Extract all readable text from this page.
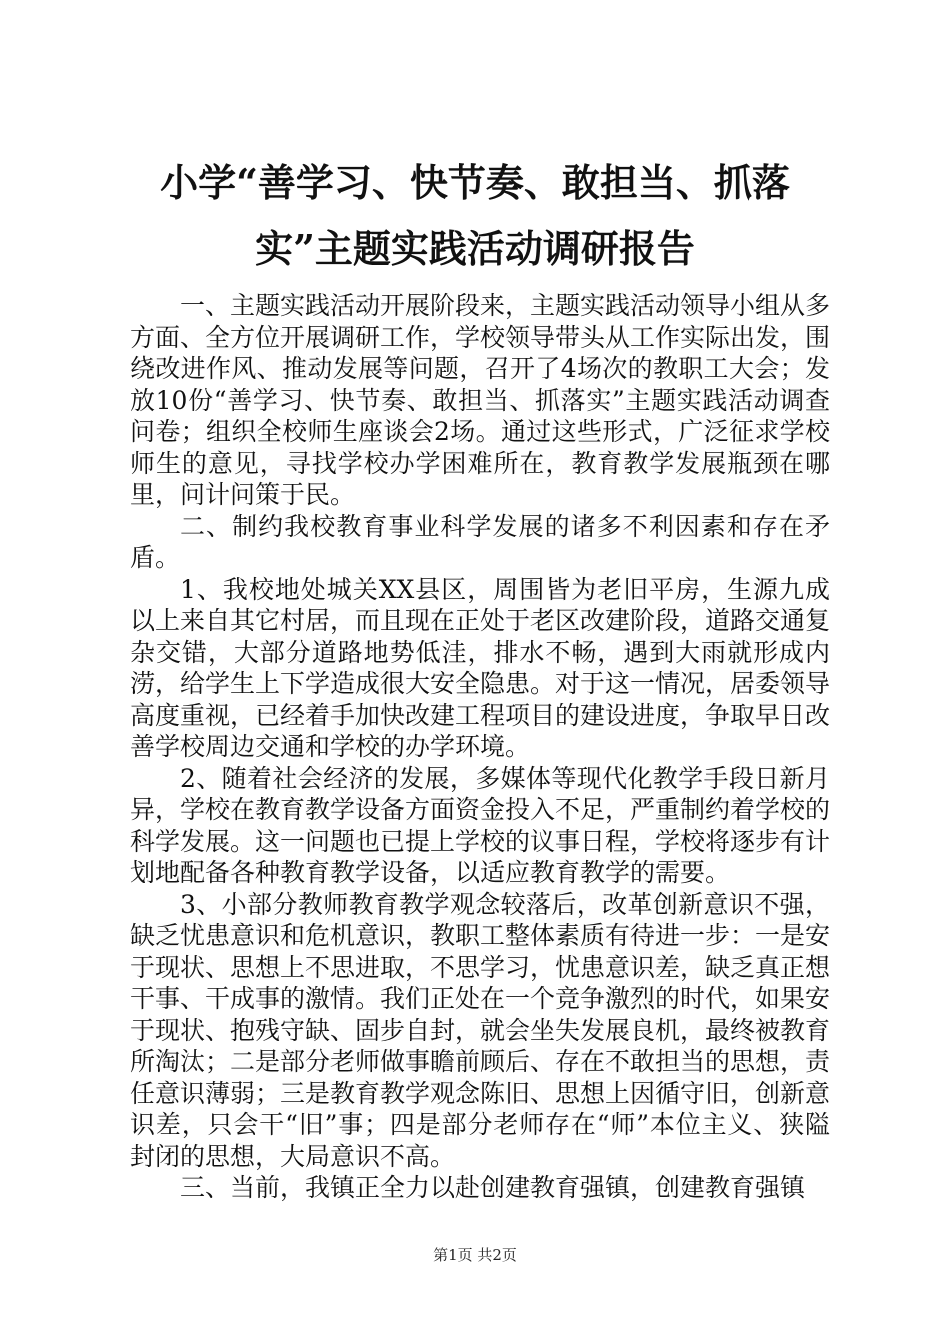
小学“善学习、快节奏、敢担当、抓落实”主题实践活动调研报告

一、主题实践活动开展阶段来，主题实践活动领导小组从多方面、全方位开展调研工作，学校领导带头从工作实际出发，围绕改进作风、推动发展等问题，召开了4场次的教职工大会；发放10份“善学习、快节奏、敢担当、抓落实”主题实践活动调查问卷；组织全校师生座谈会2场。通过这些形式，广泛征求学校师生的意见，寻找学校办学困难所在，教育教学发展瓶颈在哪里，问计问策于民。

二、制约我校教育事业科学发展的诸多不利因素和存在矛盾。

1、我校地处城关XX县区，周围皆为老旧平房，生源九成以上来自其它村居，而且现在正处于老区改建阶段，道路交通复杂交错，大部分道路地势低洼，排水不畅，遇到大雨就形成内涝，给学生上下学造成很大安全隐患。对于这一情况，居委领导高度重视，已经着手加快改建工程项目的建设进度，争取早日改善学校周边交通和学校的办学环境。

2、随着社会经济的发展，多媒体等现代化教学手段日新月异，学校在教育教学设备方面资金投入不足，严重制约着学校的科学发展。这一问题也已提上学校的议事日程，学校将逐步有计划地配备各种教育教学设备，以适应教育教学的需要。

3、小部分教师教育教学观念较落后，改革创新意识不强，缺乏忧患意识和危机意识，教职工整体素质有待进一步：一是安于现状、思想上不思进取，不思学习，忧患意识差，缺乏真正想干事、干成事的激情。我们正处在一个竞争激烈的时代，如果安于现状、抱残守缺、固步自封，就会坐失发展良机，最终被教育所淘汰；二是部分老师做事瞻前顾后、存在不敢担当的思想，责任意识薄弱；三是教育教学观念陈旧、思想上因循守旧，创新意识差，只会干“旧”事；四是部分老师存在“师”本位主义、狭隘封闭的思想，大局意识不高。

三、当前，我镇正全力以赴创建教育强镇，创建教育强镇

第1页 共2页
